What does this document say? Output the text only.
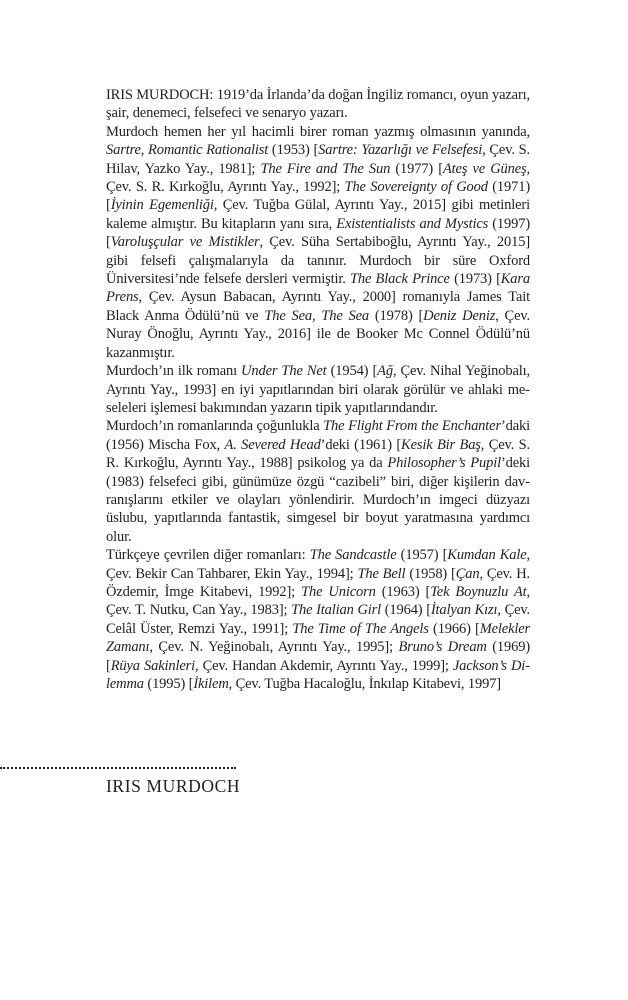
IRIS MURDOCH: 1919’da İrlanda’da doğan İngiliz romancı, oyun yazarı, şair, denemeci, felsefeci ve senaryo yazarı.

Murdoch hemen her yıl hacimli birer roman yazmış olmasının yanında, Sartre, Romantic Rationalist (1953) [Sartre: Yazarlığı ve Felsefesi, Çev. S. Hilav, Yazko Yay., 1981]; The Fire and The Sun (1977) [Ateş ve Güneş, Çev. S. R. Kırkoğlu, Ayrıntı Yay., 1992]; The Sovereignty of Good (1971) [İyinin Egemenliği, Çev. Tuğba Gülal, Ayrıntı Yay., 2015] gibi metinleri kaleme almıştır. Bu kitapların yanı sıra, Existentialists and Mystics (1997) [Varoluşçular ve Mistikler, Çev. Süha Sertabiboğlu, Ayrıntı Yay., 2015] gibi felsefi çalışmalarıyla da tanınır. Murdoch bir süre Oxford Üniversitesi’nde felsefe dersleri vermiştir. The Black Prince (1973) [Kara Prens, Çev. Aysun Babacan, Ayrıntı Yay., 2000] romanıyla James Tait Black Anma Ödülü’nü ve The Sea, The Sea (1978) [Deniz Deniz, Çev. Nuray Önoğlu, Ayrıntı Yay., 2016] ile de Booker Mc Connel Ödülü’nü kazanmıştır.

Murdoch’ın ilk romanı Under The Net (1954) [Ağ, Çev. Nihal Yeğinobalı, Ayrıntı Yay., 1993] en iyi yapıtlarından biri olarak görülür ve ahlaki meseleleri işlemesi bakımından yazarın tipik yapıtlarındandır.

Murdoch’ın romanlarında çoğunlukla The Flight From the Enchanter’daki (1956) Mischa Fox, A. Severed Head’deki (1961) [Kesik Bir Baş, Çev. S. R. Kırkoğlu, Ayrıntı Yay., 1988] psikolog ya da Philosopher’s Pupil’deki (1983) felsefeci gibi, günümüze özgü “cazibeli” biri, diğer kişilerin davranışlarını etkiler ve olayları yönlendirir. Murdoch’ın imgeci düzyazı üslubu, yapıtlarında fantastik, simgesel bir boyut yaratmasına yardımcı olur.

Türkçeye çevrilen diğer romanları: The Sandcastle (1957) [Kumdan Kale, Çev. Bekir Can Tahbarer, Ekin Yay., 1994]; The Bell (1958) [Çan, Çev. H. Özdemir, İmge Kitabevi, 1992]; The Unicorn (1963) [Tek Boynuzlu At, Çev. T. Nutku, Can Yay., 1983]; The Italian Girl (1964) [İtalyan Kızı, Çev. Celâl Üster, Remzi Yay., 1991]; The Time of The Angels (1966) [Melekler Zamanı, Çev. N. Yeğinobalı, Ayrıntı Yay., 1995]; Bruno’s Dream (1969) [Rüya Sakinleri, Çev. Handan Akdemir, Ayrıntı Yay., 1999]; Jackson’s Dilemma (1995) [İkilem, Çev. Tuğba Hacaloğlu, İnkılap Kitabevi, 1997]

IRIS MURDOCH
